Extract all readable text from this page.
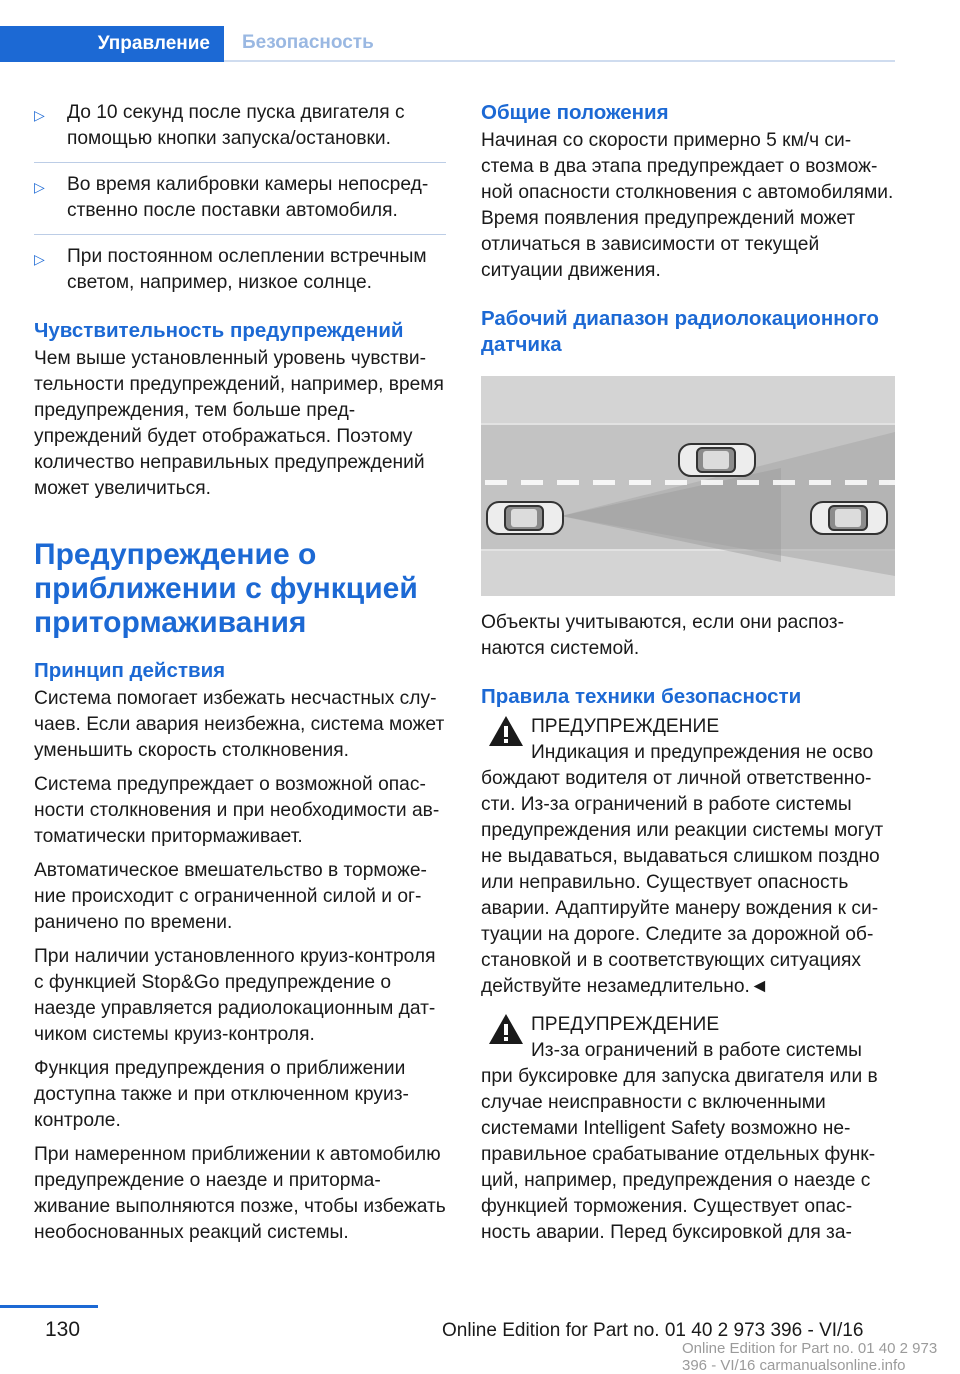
Управление	Безопасность
▷	До 10 секунд после пуска двигателя с помощью кнопки запуска/остановки.
▷	Во время калибровки камеры непосредственно после поставки автомобиля.
▷	При постоянном ослеплении встречным светом, например, низкое солнце.
Чувствительность предупреждений

Чем выше установленный уровень чувствительности предупреждений, например, время предупреждения, тем больше предупреждений будет отображаться. Поэтому количество неправильных предупреждений может увеличиться.

Предупреждение о приближении с функцией притормаживания
Принцип действия

Система помогает избежать несчастных случаев. Если авария неизбежна, система может уменьшить скорость столкновения.

Система предупреждает о возможной опасности столкновения и при необходимости автоматически притормаживает.

Автоматическое вмешательство в торможение происходит с ограниченной силой и ограничено по времени.

При наличии установленного круиз-контроля с функцией Stop&Go предупреждение о наезде управляется радиолокационным датчиком системы круиз-контроля.

Функция предупреждения о приближении доступна также и при отключенном круиз-контроле.

При намеренном приближении к автомобилю предупреждение о наезде и притормaживание выполняются позже, чтобы избежать необоснованных реакций системы.

Общие положения

Начиная со скорости примерно 5 км/ч система в два этапа предупреждает о возможной опасности столкновения с автомобилями. Время появления предупреждений может отличаться в зависимости от текущей ситуации движения.

Рабочий диапазон радиолокационного датчика

Объекты учитываются, если они распознаются системой.

Правила техники безопасности
ПРЕДУПРЕЖДЕНИЕ
Индикация и предупреждения не осво
бождают водителя от личной ответственности. Из-за ограничений в работе системы предупреждения или реакции системы могут не выдаваться, выдаваться слишком поздно или неправильно. Существует опасность аварии. Адаптируйте манеру вождения к ситуации на дороге. Следите за дорожной обстановкой и в соответствующих ситуациях действуйте незамедлительно.◄
ПРЕДУПРЕЖДЕНИЕ
Из-за ограничений в работе системы
при буксировке для запуска двигателя или в случае неисправности с включенными системами Intelligent Safety возможно неправильное срабатывание отдельных функций, например, предупреждения о наезде с функцией торможения. Существует опасность аварии. Перед буксировкой для за-
130	Online Edition for Part no. 01 40 2 973 396 - VI/16
Online Edition for Part no. 01 40 2 973 396 - VI/16 carmanualsonline.info
